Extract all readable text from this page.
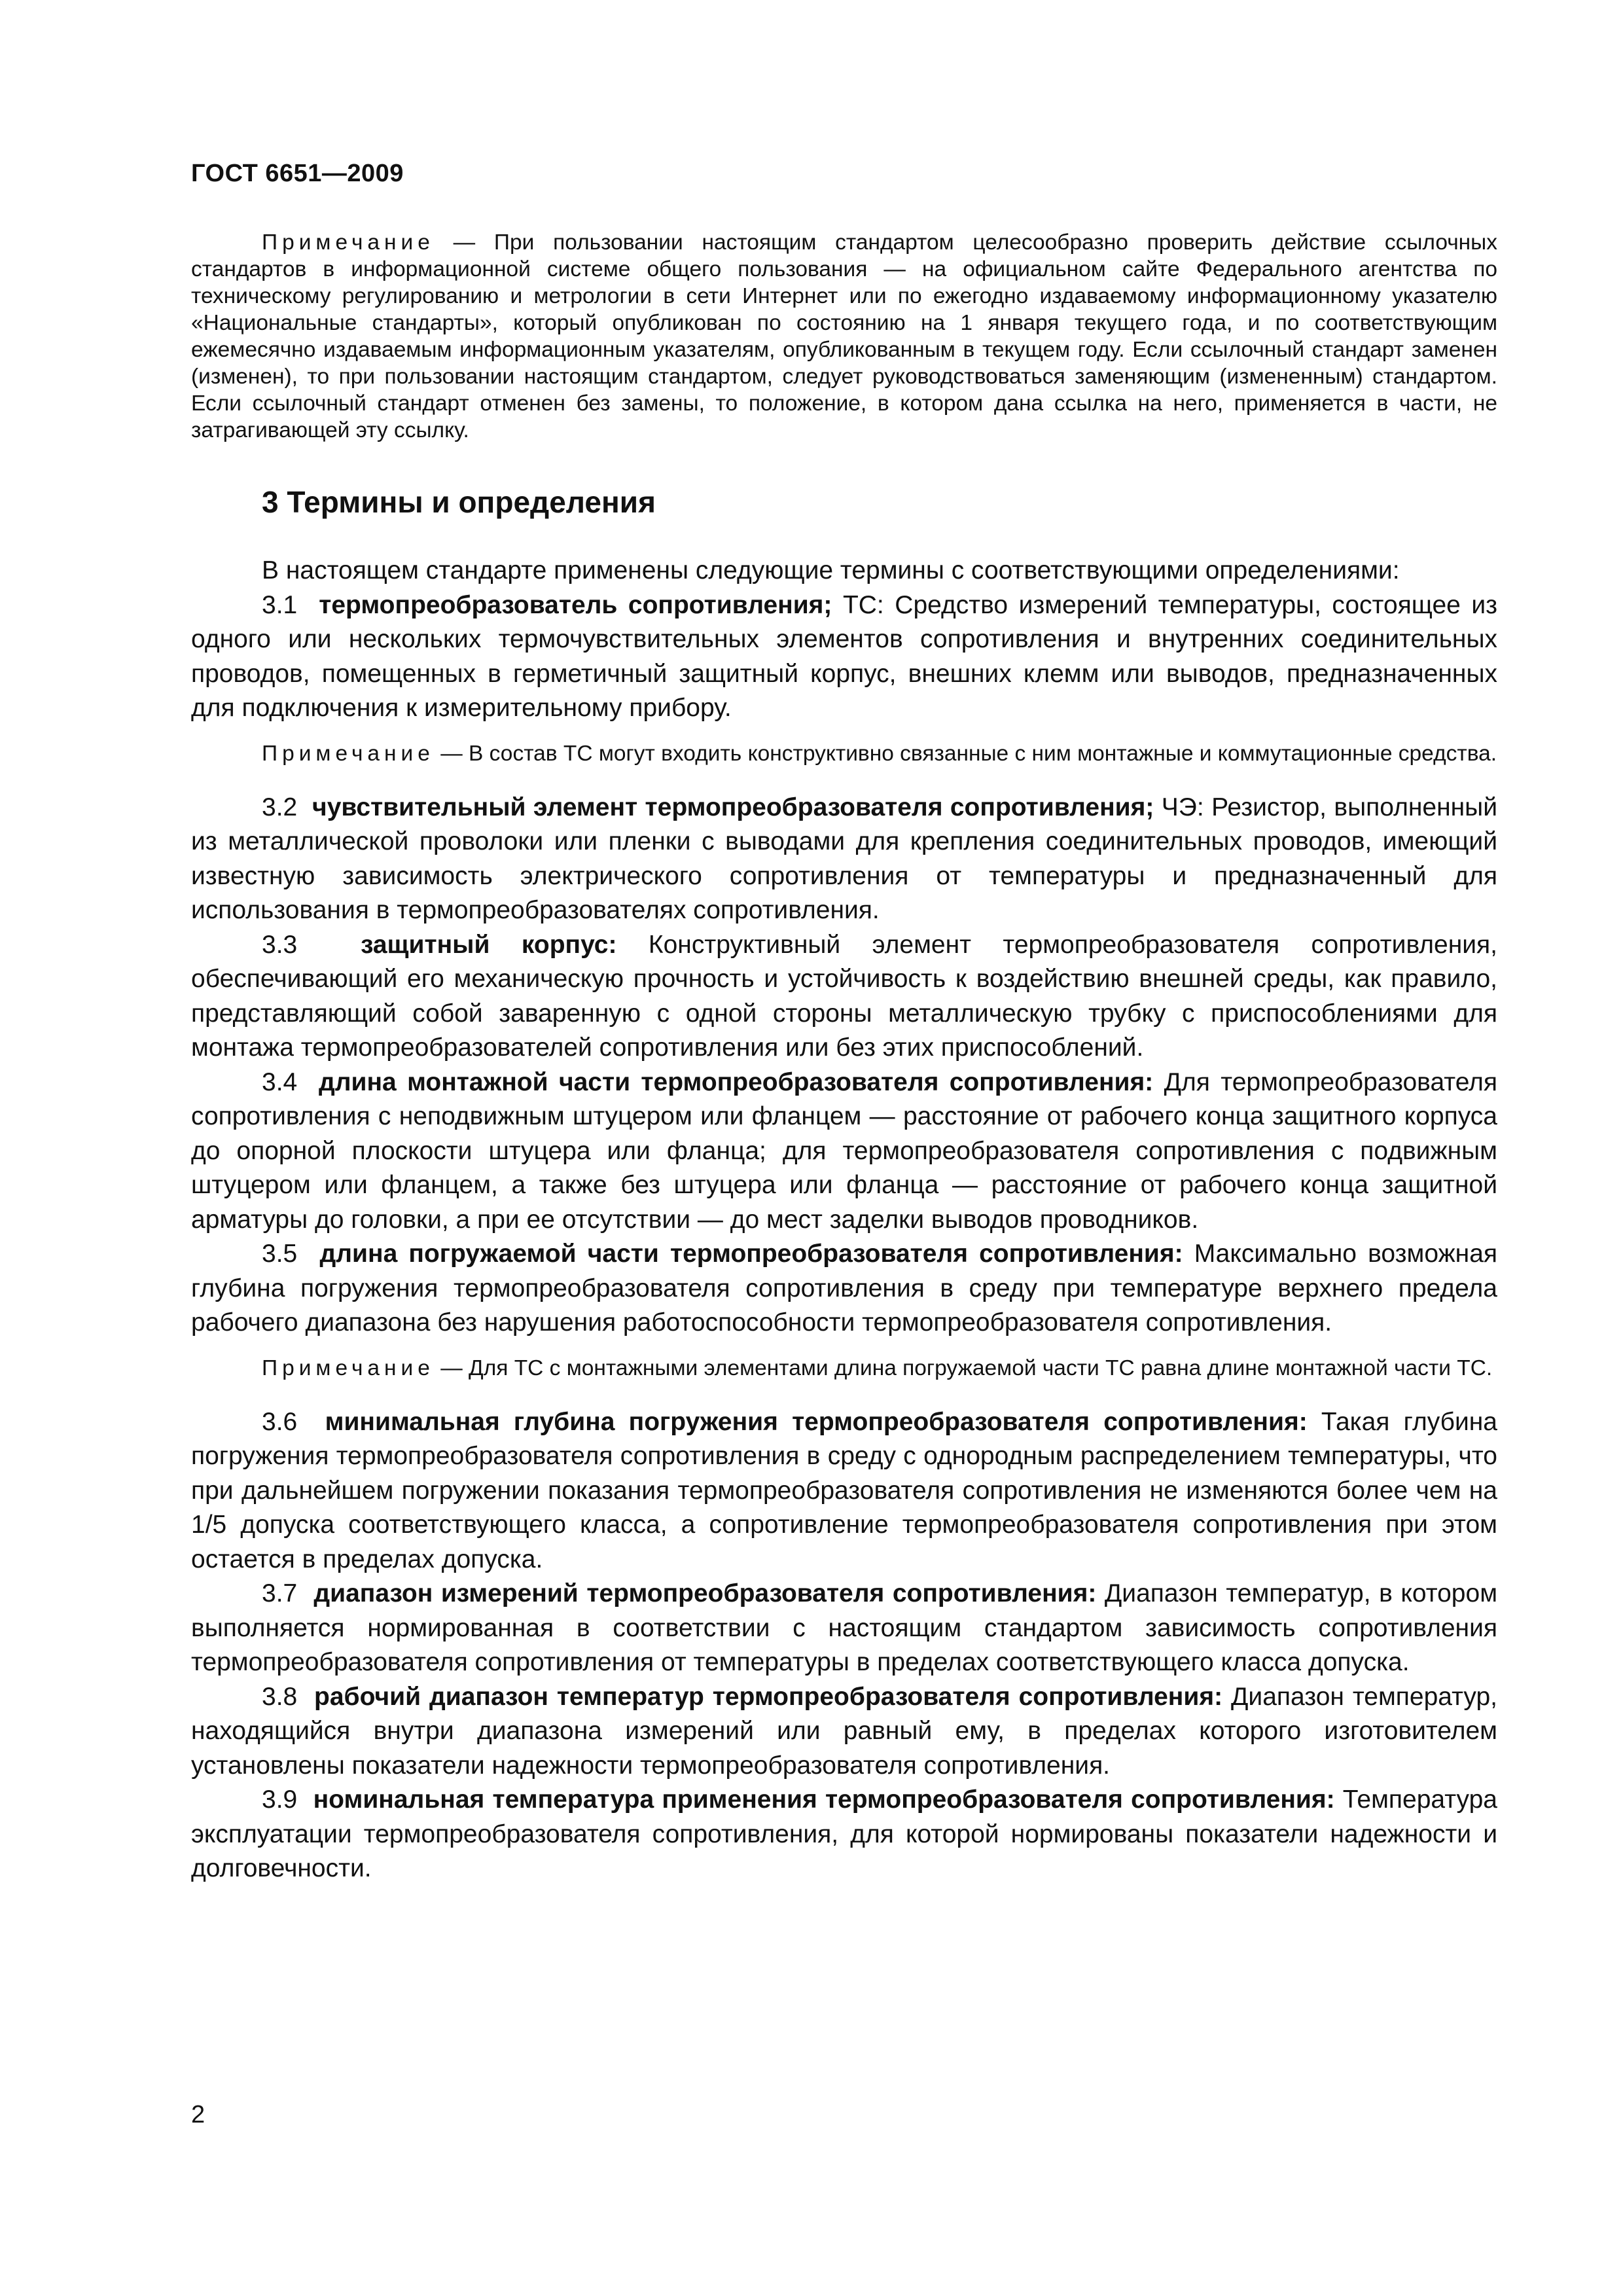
ГОСТ 6651—2009

Примечание — При пользовании настоящим стандартом целесообразно проверить действие ссылочных стандартов в информационной системе общего пользования — на официальном сайте Федерального агентства по техническому регулированию и метрологии в сети Интернет или по ежегодно издаваемому информационному указателю «Национальные стандарты», который опубликован по состоянию на 1 января текущего года, и по соответствующим ежемесячно издаваемым информационным указателям, опубликованным в текущем году. Если ссылочный стандарт заменен (изменен), то при пользовании настоящим стандартом, следует руководствоваться заменяющим (измененным) стандартом. Если ссылочный стандарт отменен без замены, то положение, в котором дана ссылка на него, применяется в части, не затрагивающей эту ссылку.

3 Термины и определения

В настоящем стандарте применены следующие термины с соответствующими определениями:

3.1 термопреобразователь сопротивления; ТС: Средство измерений температуры, состоящее из одного или нескольких термочувствительных элементов сопротивления и внутренних соединительных проводов, помещенных в герметичный защитный корпус, внешних клемм или выводов, предназначенных для подключения к измерительному прибору.

Примечание — В состав ТС могут входить конструктивно связанные с ним монтажные и коммутационные средства.

3.2 чувствительный элемент термопреобразователя сопротивления; ЧЭ: Резистор, выполненный из металлической проволоки или пленки с выводами для крепления соединительных проводов, имеющий известную зависимость электрического сопротивления от температуры и предназначенный для использования в термопреобразователях сопротивления.

3.3 защитный корпус: Конструктивный элемент термопреобразователя сопротивления, обеспечивающий его механическую прочность и устойчивость к воздействию внешней среды, как правило, представляющий собой заваренную с одной стороны металлическую трубку с приспособлениями для монтажа термопреобразователей сопротивления или без этих приспособлений.

3.4 длина монтажной части термопреобразователя сопротивления: Для термопреобразователя сопротивления с неподвижным штуцером или фланцем — расстояние от рабочего конца защитного корпуса до опорной плоскости штуцера или фланца; для термопреобразователя сопротивления с подвижным штуцером или фланцем, а также без штуцера или фланца — расстояние от рабочего конца защитной арматуры до головки, а при ее отсутствии — до мест заделки выводов проводников.

3.5 длина погружаемой части термопреобразователя сопротивления: Максимально возможная глубина погружения термопреобразователя сопротивления в среду при температуре верхнего предела рабочего диапазона без нарушения работоспособности термопреобразователя сопротивления.

Примечание — Для ТС с монтажными элементами длина погружаемой части ТС равна длине монтажной части ТС.

3.6 минимальная глубина погружения термопреобразователя сопротивления: Такая глубина погружения термопреобразователя сопротивления в среду с однородным распределением температуры, что при дальнейшем погружении показания термопреобразователя сопротивления не изменяются более чем на 1/5 допуска соответствующего класса, а сопротивление термопреобразователя сопротивления при этом остается в пределах допуска.

3.7 диапазон измерений термопреобразователя сопротивления: Диапазон температур, в котором выполняется нормированная в соответствии с настоящим стандартом зависимость сопротивления термопреобразователя сопротивления от температуры в пределах соответствующего класса допуска.

3.8 рабочий диапазон температур термопреобразователя сопротивления: Диапазон температур, находящийся внутри диапазона измерений или равный ему, в пределах которого изготовителем установлены показатели надежности термопреобразователя сопротивления.

3.9 номинальная температура применения термопреобразователя сопротивления: Температура эксплуатации термопреобразователя сопротивления, для которой нормированы показатели надежности и долговечности.

2
